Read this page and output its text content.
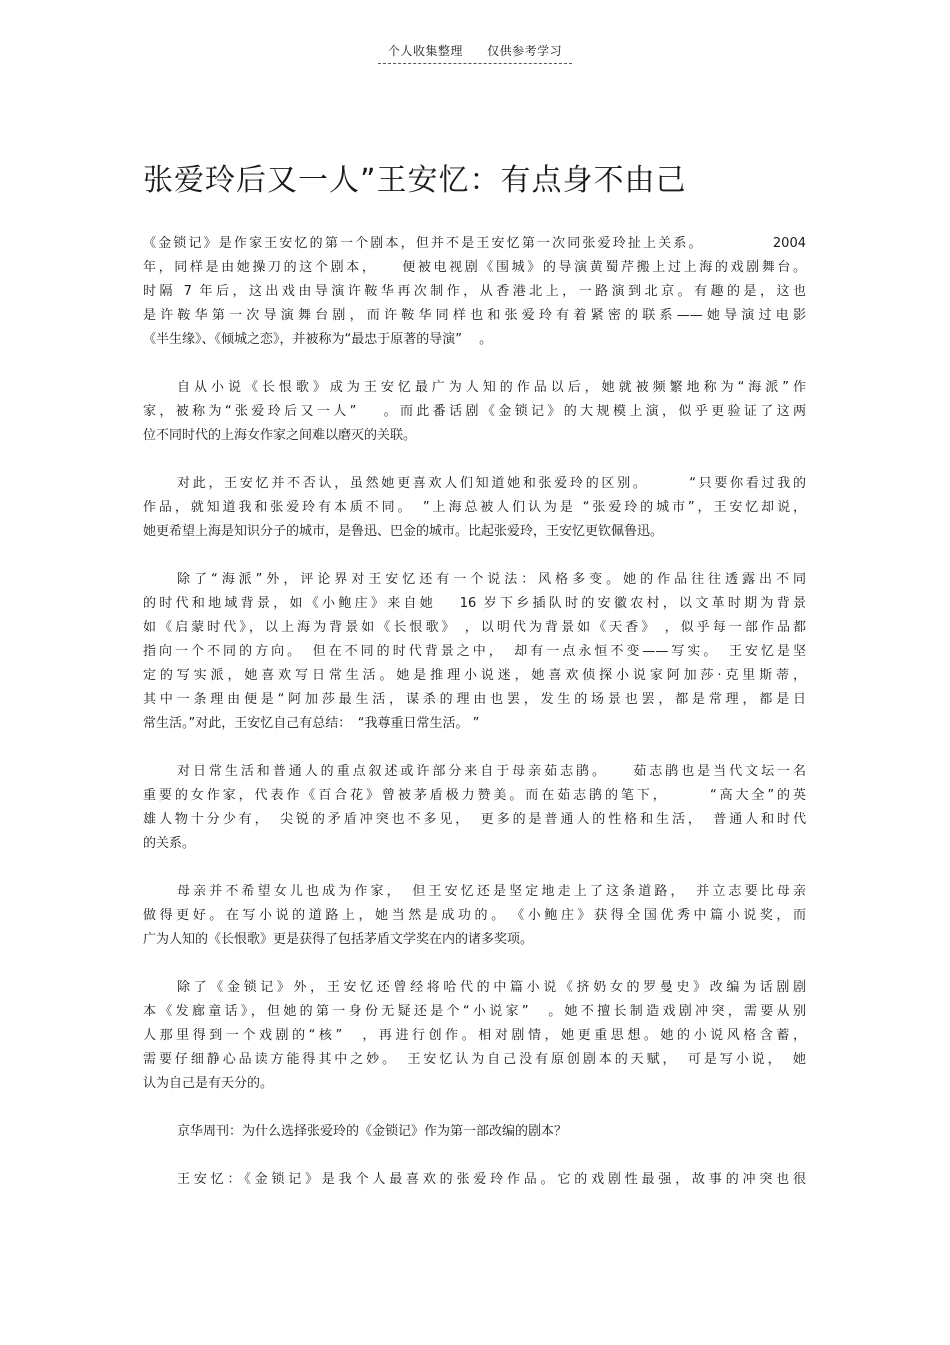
个人收集整理 仅供参考学习
张爱玲后又一人”王安忆：有点身不由己
《金锁记》是作家王安忆的第一个剧本，但并不是王安忆第一次同张爱玲扯上关系。　　　　　2004
年，同样是由她操刀的这个剧本，　　便被电视剧《围城》的导演黄蜀芹搬上过上海的戏剧舞台。
时隔 7 年后，这出戏由导演许鞍华再次制作，从香港北上，一路演到北京。有趣的是，这也
是许鞍华第一次导演舞台剧，而许鞍华同样也和张爱玲有着紧密的联系——她导演过电影
《半生缘》、《倾城之恋》，并被称为“最忠于原著的导演”　 。
自从小说《长恨歌》成为王安忆最广为人知的作品以后，她就被频繁地称为“海派”作
家，被称为“张爱玲后又一人”　 。而此番话剧《金锁记》的大规模上演，似乎更验证了这两
位不同时代的上海女作家之间难以磨灭的关联。
对此，王安忆并不否认，虽然她更喜欢人们知道她和张爱玲的区别。　　　“只要你看过我的
作品，就知道我和张爱玲有本质不同。　”上海总被人们认为是 “张爱玲的城市”，王安忆却说，
她更希望上海是知识分子的城市，是鲁迅、巴金的城市。比起张爱玲，王安忆更钦佩鲁迅。
除了“海派”外，评论界对王安忆还有一个说法：风格多变。她的作品往往透露出不同
的时代和地域背景，如《小鲍庄》来自她　 16 岁下乡插队时的安徽农村，以文革时期为背景
如《启蒙时代》，以上海为背景如《长恨歌》 ，以明代为背景如《天香》 ，似乎每一部作品都
指向一个不同的方向。　但在不同的时代背景之中，　却有一点永恒不变——写实。　王安忆是坚
定的写实派，她喜欢写日常生活。她是推理小说迷，她喜欢侦探小说家阿加莎·克里斯蒂，
其中一条理由便是“阿加莎最生活，谋杀的理由也罢，发生的场景也罢，都是常理，都是日
常生活。”对此，王安忆自己有总结：　“我尊重日常生活。 ”
对日常生活和普通人的重点叙述或许部分来自于母亲茹志鹃。　　茹志鹃也是当代文坛一名
重要的女作家，代表作《百合花》曾被茅盾极力赞美。而在茹志鹃的笔下，　　　“高大全”的英
雄人物十分少有，　尖锐的矛盾冲突也不多见，　更多的是普通人的性格和生活，　普通人和时代
的关系。
母亲并不希望女儿也成为作家，　但王安忆还是坚定地走上了这条道路，　并立志要比母亲
做得更好。在写小说的道路上，她当然是成功的。　《小鲍庄》获得全国优秀中篇小说奖，而
广为人知的《长恨歌》更是获得了包括茅盾文学奖在内的诸多奖项。
除了《金锁记》外，王安忆还曾经将哈代的中篇小说《挤奶女的罗曼史》改编为话剧剧
本《发廊童话》，但她的第一身份无疑还是个“小说家”　。她不擅长制造戏剧冲突，需要从别
人那里得到一个戏剧的“核”　，再进行创作。相对剧情，她更重思想。她的小说风格含蓄，
需要仔细静心品读方能得其中之妙。　王安忆认为自己没有原创剧本的天赋，　可是写小说，　她
认为自己是有天分的。
京华周刊：为什么选择张爱玲的《金锁记》作为第一部改编的剧本？
王安忆：《金锁记》是我个人最喜欢的张爱玲作品。它的戏剧性最强，故事的冲突也很
